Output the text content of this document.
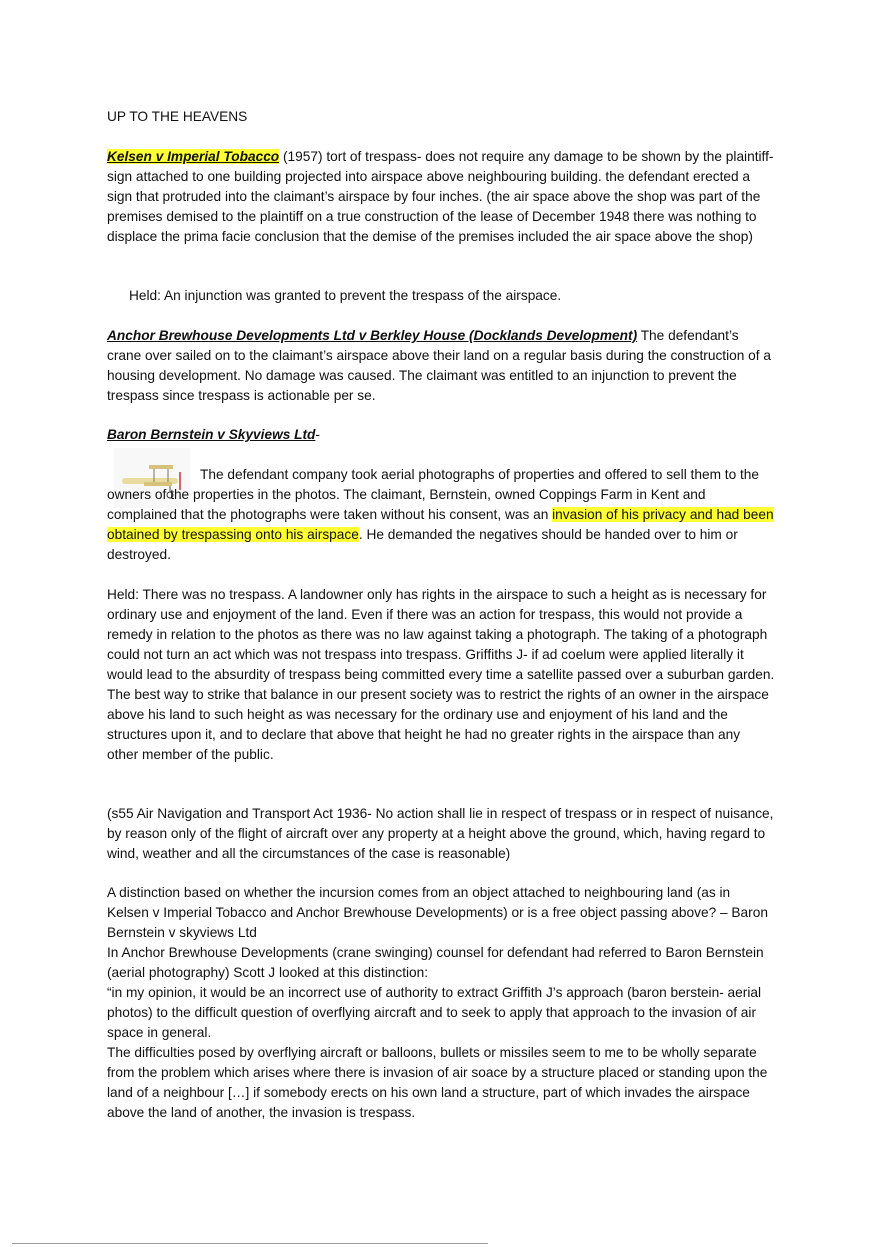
UP TO THE HEAVENS

Kelsen v Imperial Tobacco (1957) tort of trespass- does not require any damage to be shown by the plaintiff- sign attached to one building projected into airspace above neighbouring building. the defendant erected a sign that protruded into the claimant’s airspace by four inches. (the air space above the shop was part of the premises demised to the plaintiff on a true construction of the lease of December 1948 there was nothing to displace the prima facie conclusion that the demise of the premises included the air space above the shop)

Held: An injunction was granted to prevent the trespass of the airspace.

Anchor Brewhouse Developments Ltd v Berkley House (Docklands Development) The defendant’s crane over sailed on to the claimant’s airspace above their land on a regular basis during the construction of a housing development. No damage was caused. The claimant was entitled to an injunction to prevent the trespass since trespass is actionable per se.

Baron Bernstein v Skyviews Ltd-

The defendant company took aerial photographs of properties and offered to sell them to the owners of the properties in the photos. The claimant, Bernstein, owned Coppings Farm in Kent and complained that the photographs were taken without his consent, was an invasion of his privacy and had been obtained by trespassing onto his airspace. He demanded the negatives should be handed over to him or destroyed.

Held: There was no trespass. A landowner only has rights in the airspace to such a height as is necessary for ordinary use and enjoyment of the land. Even if there was an action for trespass, this would not provide a remedy in relation to the photos as there was no law against taking a photograph. The taking of a photograph could not turn an act which was not trespass into trespass. Grifﬁths J- if ad coelum were applied literally it would lead to the absurdity of trespass being committed every time a satellite passed over a suburban garden. The best way to strike that balance in our present society was to restrict the rights of an owner in the airspace above his land to such height as was necessary for the ordinary use and enjoyment of his land and the structures upon it, and to declare that above that height he had no greater rights in the airspace than any other member of the public.

(s55 Air Navigation and Transport Act 1936- No action shall lie in respect of trespass or in respect of nuisance, by reason only of the flight of aircraft over any property at a height above the ground, which, having regard to wind, weather and all the circumstances of the case is reasonable)

A distinction based on whether the incursion comes from an object attached to neighbouring land (as in Kelsen v Imperial Tobacco and Anchor Brewhouse Developments) or is a free object passing above? – Baron Bernstein v skyviews Ltd
In Anchor Brewhouse Developments (crane swinging) counsel for defendant had referred to Baron Bernstein (aerial photography) Scott J looked at this distinction:
“in my opinion, it would be an incorrect use of authority to extract Grifﬁth J’s approach (baron berstein- aerial photos) to the difﬁcult question of overflying aircraft and to seek to apply that approach to the invasion of air space in general.
The difﬁculties posed by overflying aircraft or balloons, bullets or missiles seem to me to be wholly separate from the problem which arises where there is invasion of air soace by a structure placed or standing upon the land of a neighbour […] if somebody erects on his own land a structure, part of which invades the airspace above the land of another, the invasion is trespass.
